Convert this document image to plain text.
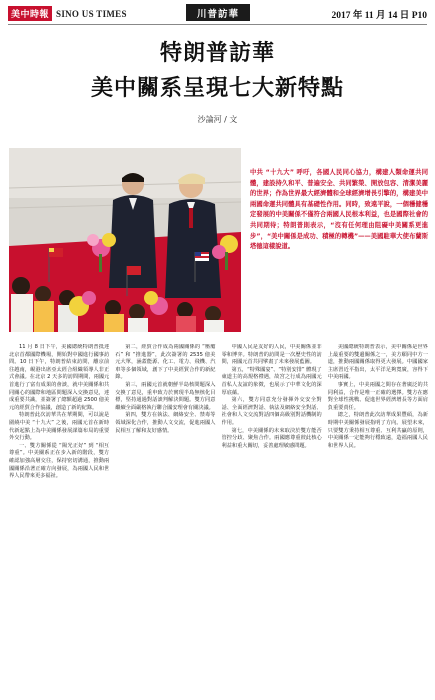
美中時報 SINO US TIMES	川普訪華	2017 年 11 月 14 日 P10
特朗普訪華
美中關系呈現七大新特點
沙論河 / 文
中共 “十九大” 呼吁，各國人民同心協力，構建人類命運共同體，建設持久和平、普遍安全、共同繁榮、開放包容、清潔美麗的世界；作為世界最大經濟體和全球經濟增長引擎的，構建美中兩國命運共同體具有基礎性作用。同時，致遠平說，一個穩健穩定發展的中美關係不僅符合兩國人民根本利益，也是國際社會的共同期待；特朗普則表示，“沒有任何理由阻礙中美關系更進步”，“美中關係是成功、積極的轉機”——美國駐華大使布蘭斯塔德這樣說道。

11 月 8 日下午，美國總統特朗普抵達北京首都國際機場，開始對中國進行國事訪問。10 日下午，特朗普結束訪問，離京前往越南，峴港出席亞太經合組織領導人非正式會議。在北京 2 天多的訪問期間，兩國元首進行了富有成果的會談，就中美關係和共同關心的國際和地區問題深入交換意見，達成重要共識，並簽署了總額超過 2500 億美元的經貿合作協議，創造了新的紀錄。

特朗普此次訪華共在華期間，可以說是圍繞中美 “十九大” 之後，兩國元首在新時代新起點上為中美關係發展謀篇布局的重要外交行動。

一、雙方關係從 “陽光正好” 到 “相互尊重”。中美關系正在步入新的階段，雙方確認加強高層交往，保持密切溝通，推動兩國關係沿著正確方向發展，為兩國人民和世界人民帶來更多福祉。

第二，經貿合作成為兩國關係的 “壓艙石” 和 “推進器”，此次簽署的 2535 億美元大單，涵蓋能源、化工、電力、飛機、汽車等多個領域，創下了中美經貿合作的新紀錄。

第三，兩國元首就朝鮮半島核問題深入交換了意見，重申致力於實現半島無核化目標，堅持通過對話談判解決問題。雙方同意繼續全面嚴格執行聯合國安理會有關決議。

第四，雙方在執法、網絡安全、禁毒等領域深化合作，推動人文交流，促進兩國人民相互了解和友好感情。

中國人民是友好的人民，中美關係並非零和博弈。特朗普的訪問是一次歷史性的訪問，兩國元首共同擘畫了未來發展藍圖。

第五，“特殊國宴”、“特別安排” 體現了東道主的高規格禮遇，故宮之行成為兩國元首私人友誼的象徵，也展示了中華文化的深厚底蘊。

第六，雙方同意充分發揮外交安全對話、全面經濟對話、執法及網絡安全對話、社會和人文交流對話四個高級別對話機制的作用。

第七，中美關係的未來取決於雙方能否管控分歧、聚焦合作。兩國應尊重彼此核心利益和重大關切，妥善處理敏感問題。

美國總統特朗普表示，美中關係是世界上最重要的雙邊關係之一，美方願同中方一道，推動兩國關係取得更大發展。中國國家主席習近平指出，太平洋足夠寬廣，容得下中美兩國。

事實上，中美兩國之間存在著廣泛的共同利益，合作是唯一正確的選擇。雙方在應對全球性挑戰、促進世界經濟增長等方面肩負重要責任。

總之，特朗普此次訪華成果豐碩，為新時期中美關係發展指明了方向。展望未來，只要雙方秉持相互尊重、互利共贏的原則，中美關係一定能夠行穩致遠，造福兩國人民和世界人民。
